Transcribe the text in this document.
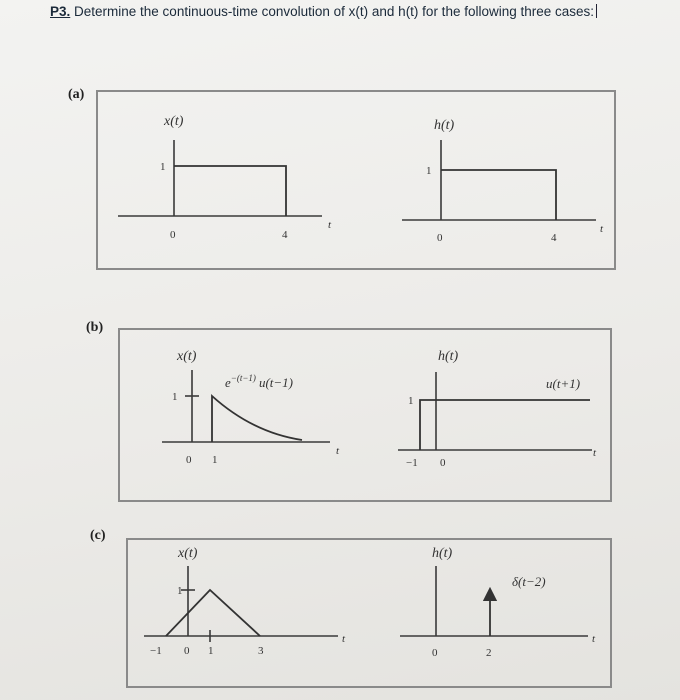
P3. Determine the continuous-time convolution of x(t) and h(t) for the following three cases:
(a)
(b)
(c)
x(t)
1
0	4
t
h(t)
1
0	4
t
x(t)
1
0 1
$e^{-(t-1)}$ u(t−1)
t
h(t)
1
−1 0
u(t+1)
t
x(t)
1
−1 0 1	3
t
h(t)
0	2
δ(t−2)
t
